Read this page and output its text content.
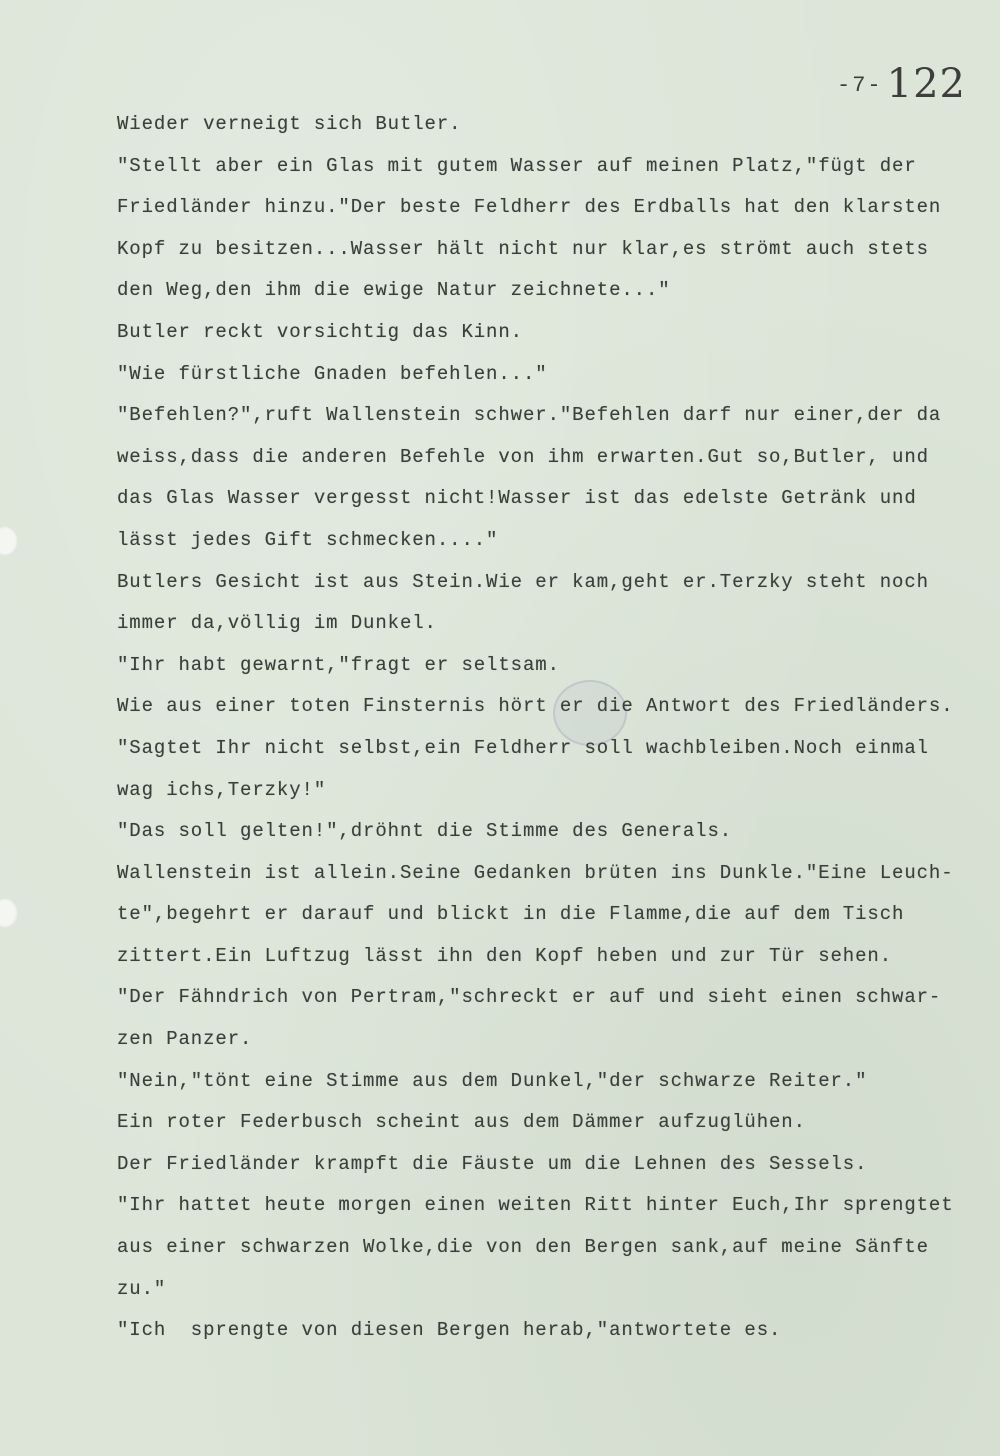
-7- 122
Wieder verneigt sich Butler.
"Stellt aber ein Glas mit gutem Wasser auf meinen Platz,"fügt der
Friedländer hinzu."Der beste Feldherr des Erdballs hat den klarsten
Kopf zu besitzen...Wasser hält nicht nur klar,es strömt auch stets
den Weg,den ihm die ewige Natur zeichnete..."
Butler reckt vorsichtig das Kinn.
"Wie fürstliche Gnaden befehlen..."
"Befehlen?",ruft Wallenstein schwer."Befehlen darf nur einer,der da
weiss,dass die anderen Befehle von ihm erwarten.Gut so,Butler, und
das Glas Wasser vergesst nicht!Wasser ist das edelste Getränk und
lässt jedes Gift schmecken...."
Butlers Gesicht ist aus Stein.Wie er kam,geht er.Terzky steht noch
immer da,völlig im Dunkel.
"Ihr habt gewarnt,"fragt er seltsam.
Wie aus einer toten Finsternis hört er die Antwort des Friedländers.
"Sagtet Ihr nicht selbst,ein Feldherr soll wachbleiben.Noch einmal
wag ichs,Terzky!"
"Das soll gelten!",dröhnt die Stimme des Generals.
Wallenstein ist allein.Seine Gedanken brüten ins Dunkle."Eine Leuch-
te",begehrt er darauf und blickt in die Flamme,die auf dem Tisch
zittert.Ein Luftzug lässt ihn den Kopf heben und zur Tür sehen.
"Der Fähndrich von Pertram,"schreckt er auf und sieht einen schwar-
zen Panzer.
"Nein,"tönt eine Stimme aus dem Dunkel,"der schwarze Reiter."
Ein roter Federbusch scheint aus dem Dämmer aufzuglühen.
Der Friedländer krampft die Fäuste um die Lehnen des Sessels.
"Ihr hattet heute morgen einen weiten Ritt hinter Euch,Ihr sprengtet
aus einer schwarzen Wolke,die von den Bergen sank,auf meine Sänfte
zu."
"Ich  sprengte von diesen Bergen herab,"antwortete es.
